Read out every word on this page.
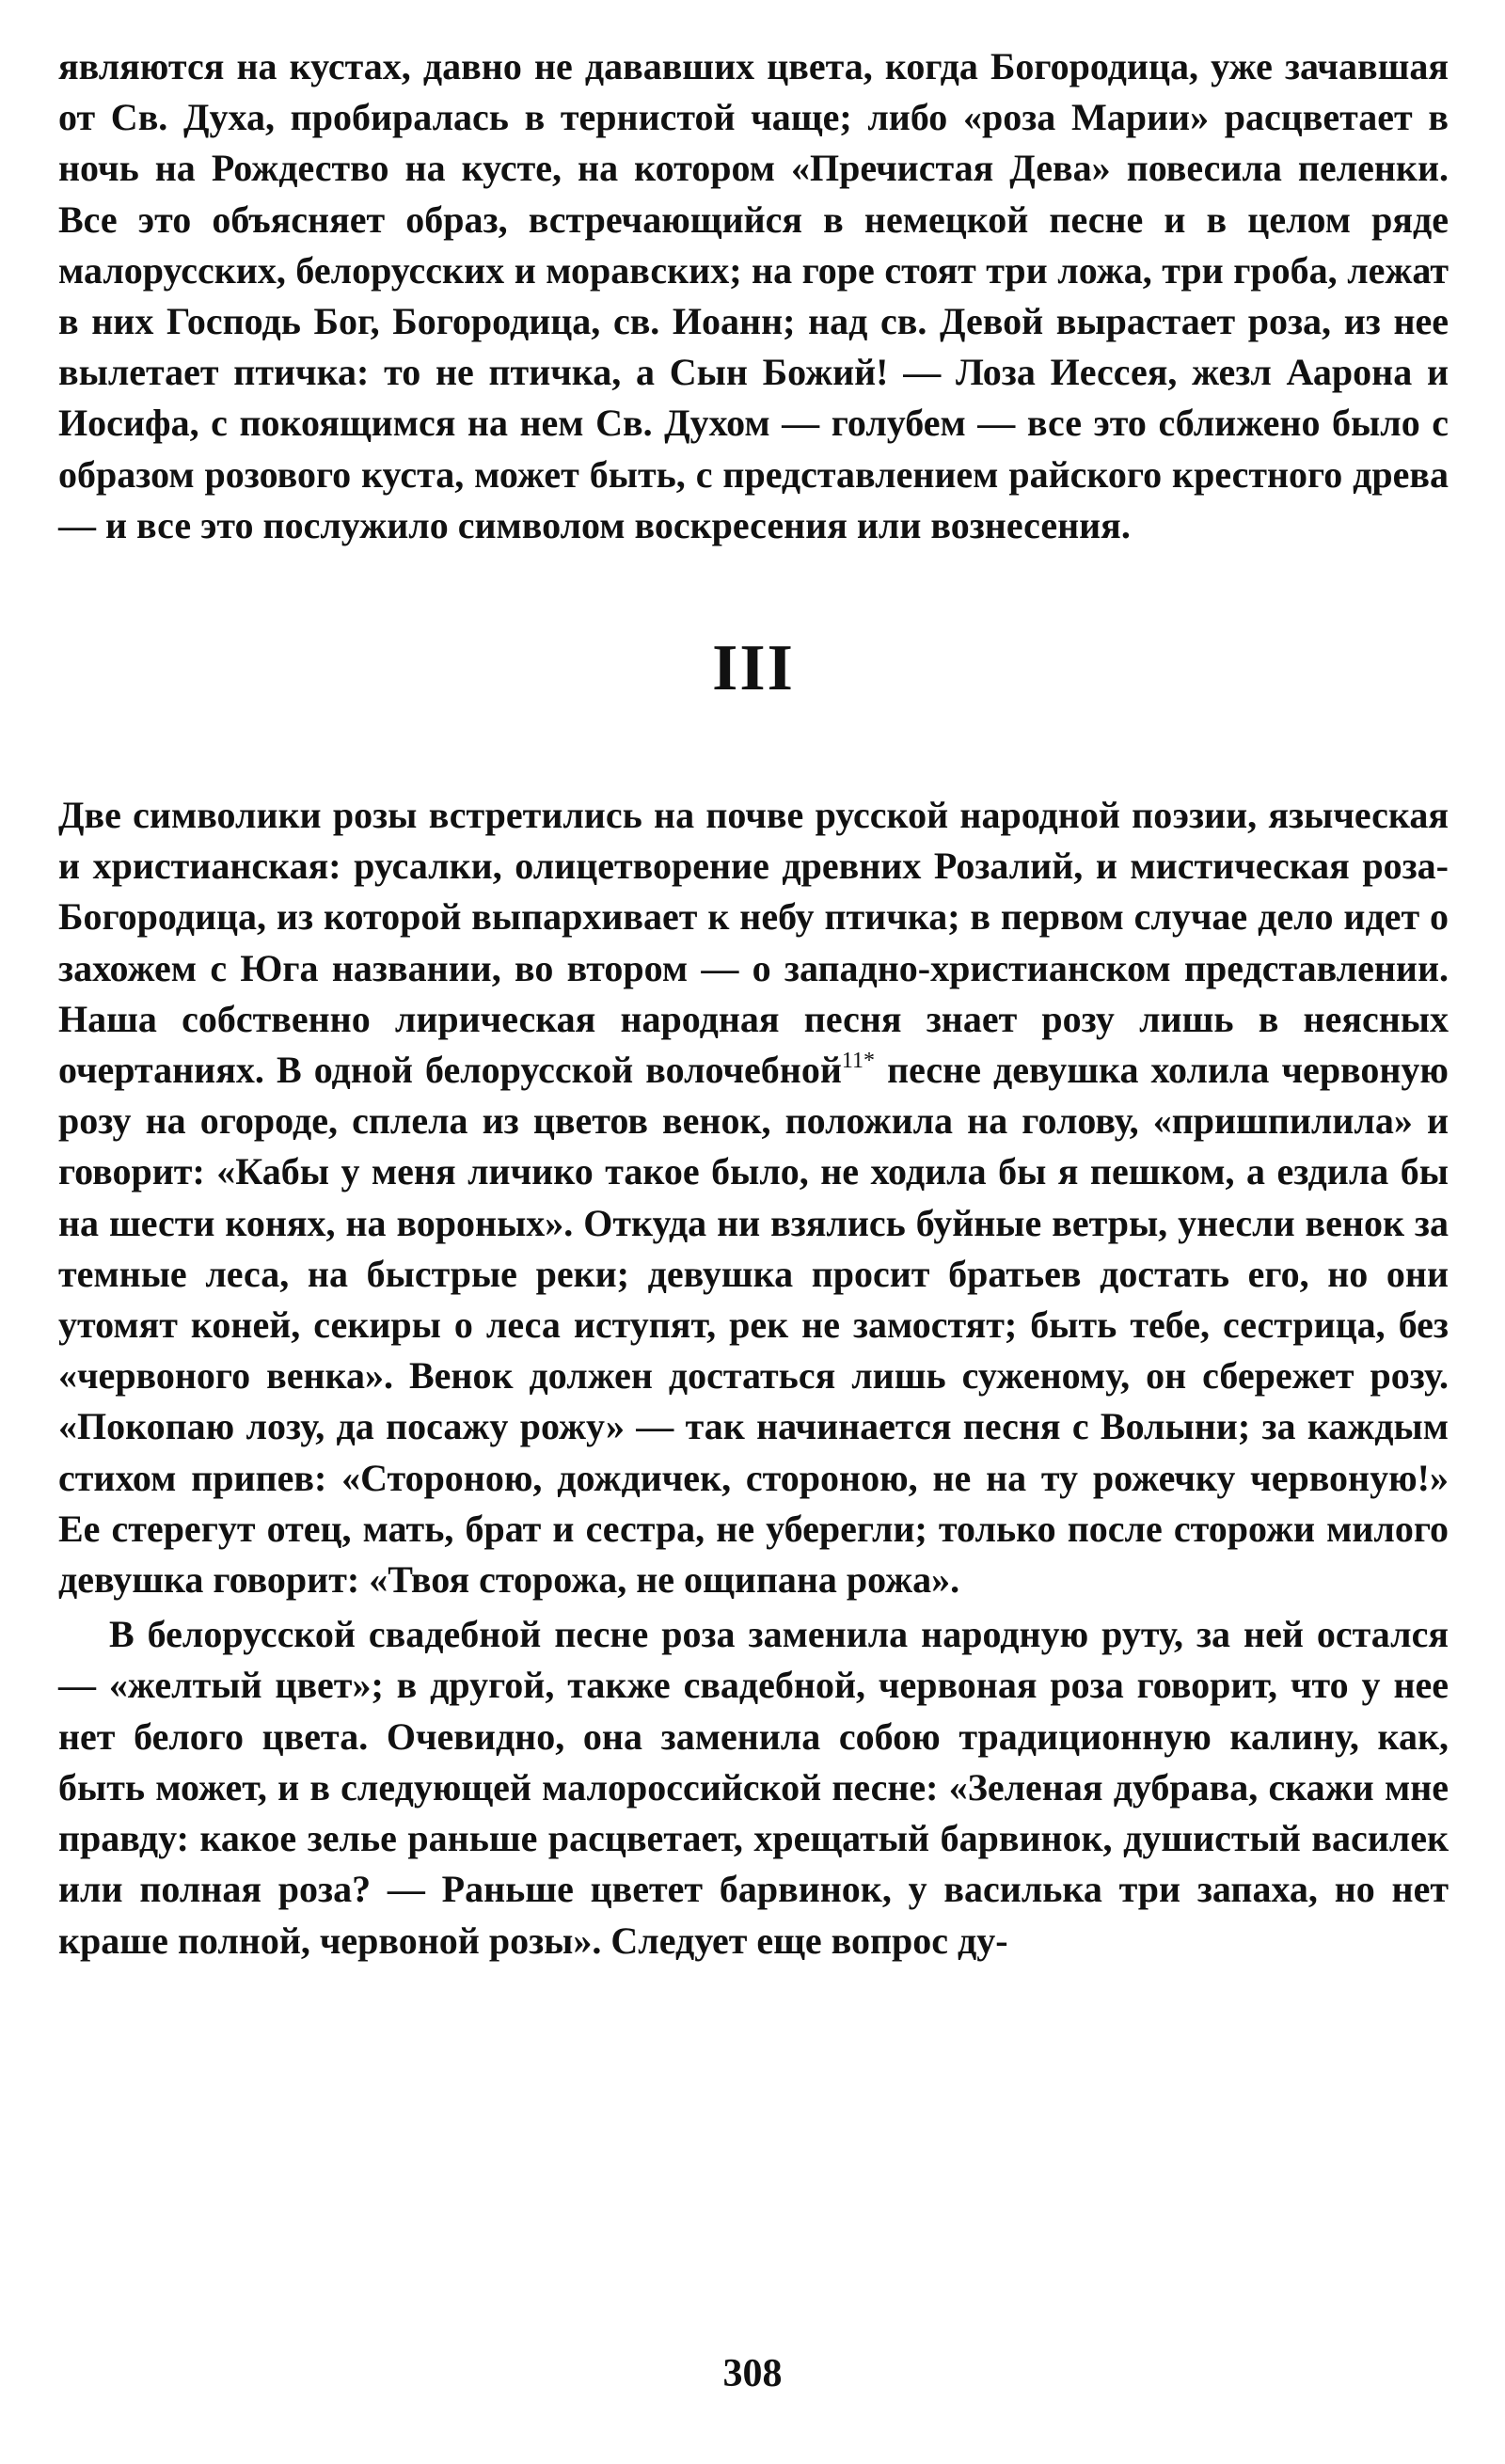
являются на кустах, давно не дававших цвета, когда Богородица, уже зачавшая от Св. Духа, пробиралась в тернистой чаще; либо «роза Марии» расцветает в ночь на Рождество на кусте, на котором «Пречистая Дева» повесила пеленки. Все это объясняет образ, встречающийся в немецкой песне и в целом ряде малорусских, белорусских и моравских; на горе стоят три ложа, три гроба, лежат в них Господь Бог, Богородица, св. Иоанн; над св. Девой вырастает роза, из нее вылетает птичка: то не птичка, а Сын Божий! — Лоза Иессея, жезл Аарона и Иосифа, с покоящимся на нем Св. Духом — голубем — все это сближено было с образом розового куста, может быть, с представлением райского крестного древа — и все это послужило символом воскресения или вознесения.

III

Две символики розы встретились на почве русской народной поэзии, языческая и христианская: русалки, олицетворение древних Розалий, и мистическая роза-Богородица, из которой выпархивает к небу птичка; в первом случае дело идет о захожем с Юга названии, во втором — о западно-христианском представлении. Наша собственно лирическая народная песня знает розу лишь в неясных очертаниях. В одной белорусской волочебной$^{11*}$ песне девушка холила червоную розу на огороде, сплела из цветов венок, положила на голову, «пришпилила» и говорит: «Кабы у меня личико такое было, не ходила бы я пешком, а ездила бы на шести конях, на вороных». Откуда ни взялись буйные ветры, унесли венок за темные леса, на быстрые реки; девушка просит братьев достать его, но они утомят коней, секиры о леса иступят, рек не замостят; быть тебе, сестрица, без «червоного венка». Венок должен достаться лишь суженому, он сбережет розу. «Покопаю лозу, да посажу рожу» — так начинается песня с Волыни; за каждым стихом припев: «Стороною, дождичек, стороною, не на ту рожечку червоную!» Ее стерегут отец, мать, брат и сестра, не уберегли; только после сторожи милого девушка говорит: «Твоя сторожа, не ощипана рожа».

В белорусской свадебной песне роза заменила народную руту, за ней остался — «желтый цвет»; в другой, также свадебной, червоная роза говорит, что у нее нет белого цвета. Очевидно, она заменила собою традиционную калину, как, быть может, и в следующей малороссийской песне: «Зеленая дубрава, скажи мне правду: какое зелье раньше расцветает, хрещатый барвинок, душистый василек или полная роза? — Раньше цветет барвинок, у василька три запаха, но нет краше полной, червоной розы». Следует еще вопрос ду-

308
